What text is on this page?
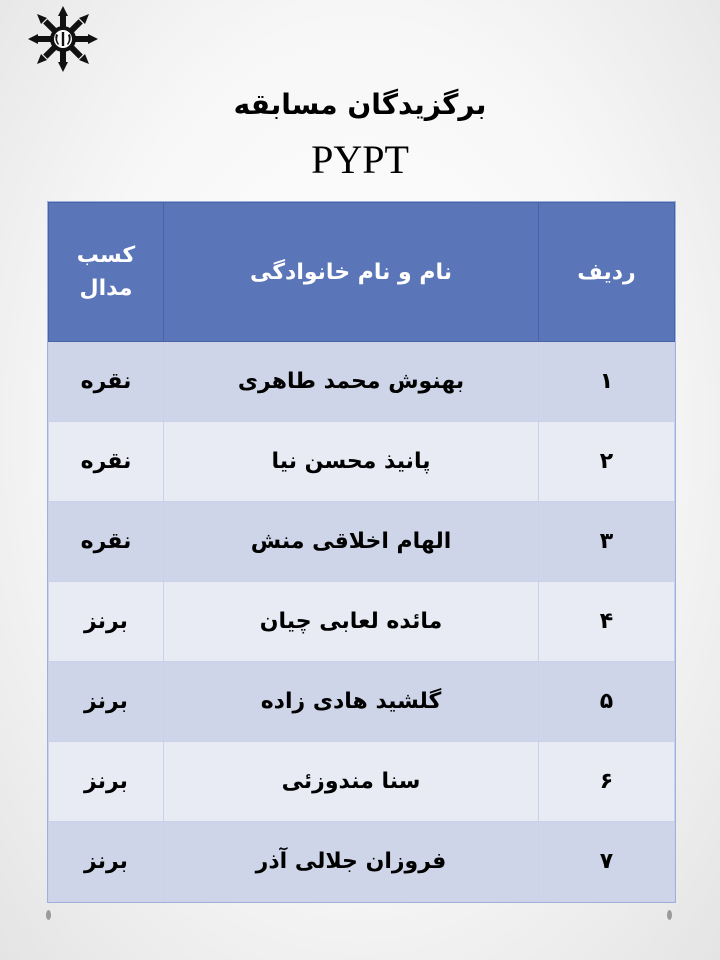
برگزیدگان مسابقه
PYPT
ردیف	نام و نام خانوادگی	کسب مدال
۱	بهنوش محمد طاهری	نقره
۲	پانیذ محسن نیا	نقره
۳	الهام اخلاقی منش	نقره
۴	مائده لعابی چیان	برنز
۵	گلشید هادی زاده	برنز
۶	سنا مندوزئی	برنز
۷	فروزان جلالی آذر	برنز
